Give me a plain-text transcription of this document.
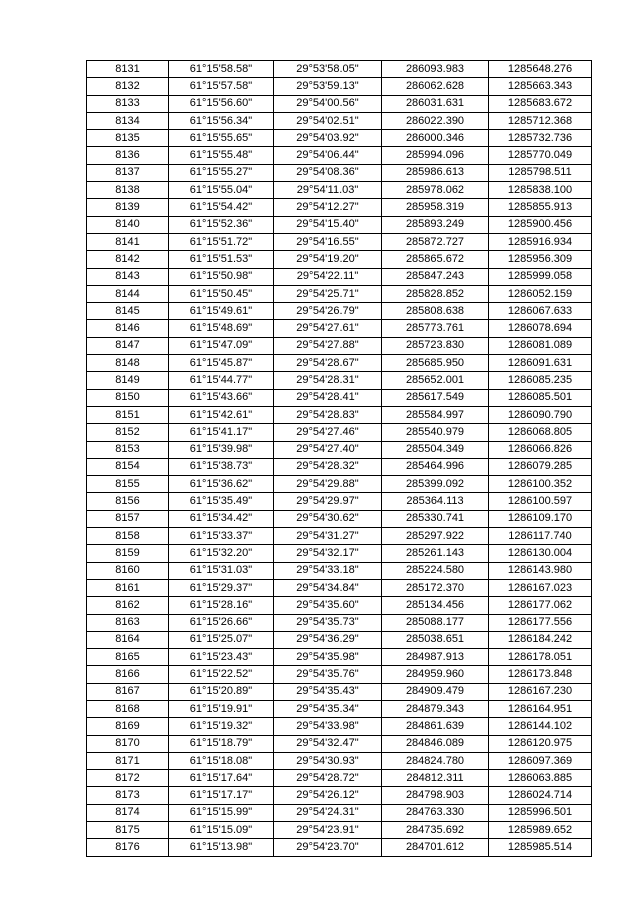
8131	61°15'58.58"	29°53'58.05"	286093.983	1285648.276
8132	61°15'57.58"	29°53'59.13"	286062.628	1285663.343
8133	61°15'56.60"	29°54'00.56"	286031.631	1285683.672
8134	61°15'56.34"	29°54'02.51"	286022.390	1285712.368
8135	61°15'55.65"	29°54'03.92"	286000.346	1285732.736
8136	61°15'55.48"	29°54'06.44"	285994.096	1285770.049
8137	61°15'55.27"	29°54'08.36"	285986.613	1285798.511
8138	61°15'55.04"	29°54'11.03"	285978.062	1285838.100
8139	61°15'54.42"	29°54'12.27"	285958.319	1285855.913
8140	61°15'52.36"	29°54'15.40"	285893.249	1285900.456
8141	61°15'51.72"	29°54'16.55"	285872.727	1285916.934
8142	61°15'51.53"	29°54'19.20"	285865.672	1285956.309
8143	61°15'50.98"	29°54'22.11"	285847.243	1285999.058
8144	61°15'50.45"	29°54'25.71"	285828.852	1286052.159
8145	61°15'49.61"	29°54'26.79"	285808.638	1286067.633
8146	61°15'48.69"	29°54'27.61"	285773.761	1286078.694
8147	61°15'47.09"	29°54'27.88"	285723.830	1286081.089
8148	61°15'45.87"	29°54'28.67"	285685.950	1286091.631
8149	61°15'44.77"	29°54'28.31"	285652.001	1286085.235
8150	61°15'43.66"	29°54'28.41"	285617.549	1286085.501
8151	61°15'42.61"	29°54'28.83"	285584.997	1286090.790
8152	61°15'41.17"	29°54'27.46"	285540.979	1286068.805
8153	61°15'39.98"	29°54'27.40"	285504.349	1286066.826
8154	61°15'38.73"	29°54'28.32"	285464.996	1286079.285
8155	61°15'36.62"	29°54'29.88"	285399.092	1286100.352
8156	61°15'35.49"	29°54'29.97"	285364.113	1286100.597
8157	61°15'34.42"	29°54'30.62"	285330.741	1286109.170
8158	61°15'33.37"	29°54'31.27"	285297.922	1286117.740
8159	61°15'32.20"	29°54'32.17"	285261.143	1286130.004
8160	61°15'31.03"	29°54'33.18"	285224.580	1286143.980
8161	61°15'29.37"	29°54'34.84"	285172.370	1286167.023
8162	61°15'28.16"	29°54'35.60"	285134.456	1286177.062
8163	61°15'26.66"	29°54'35.73"	285088.177	1286177.556
8164	61°15'25.07"	29°54'36.29"	285038.651	1286184.242
8165	61°15'23.43"	29°54'35.98"	284987.913	1286178.051
8166	61°15'22.52"	29°54'35.76"	284959.960	1286173.848
8167	61°15'20.89"	29°54'35.43"	284909.479	1286167.230
8168	61°15'19.91"	29°54'35.34"	284879.343	1286164.951
8169	61°15'19.32"	29°54'33.98"	284861.639	1286144.102
8170	61°15'18.79"	29°54'32.47"	284846.089	1286120.975
8171	61°15'18.08"	29°54'30.93"	284824.780	1286097.369
8172	61°15'17.64"	29°54'28.72"	284812.311	1286063.885
8173	61°15'17.17"	29°54'26.12"	284798.903	1286024.714
8174	61°15'15.99"	29°54'24.31"	284763.330	1285996.501
8175	61°15'15.09"	29°54'23.91"	284735.692	1285989.652
8176	61°15'13.98"	29°54'23.70"	284701.612	1285985.514
